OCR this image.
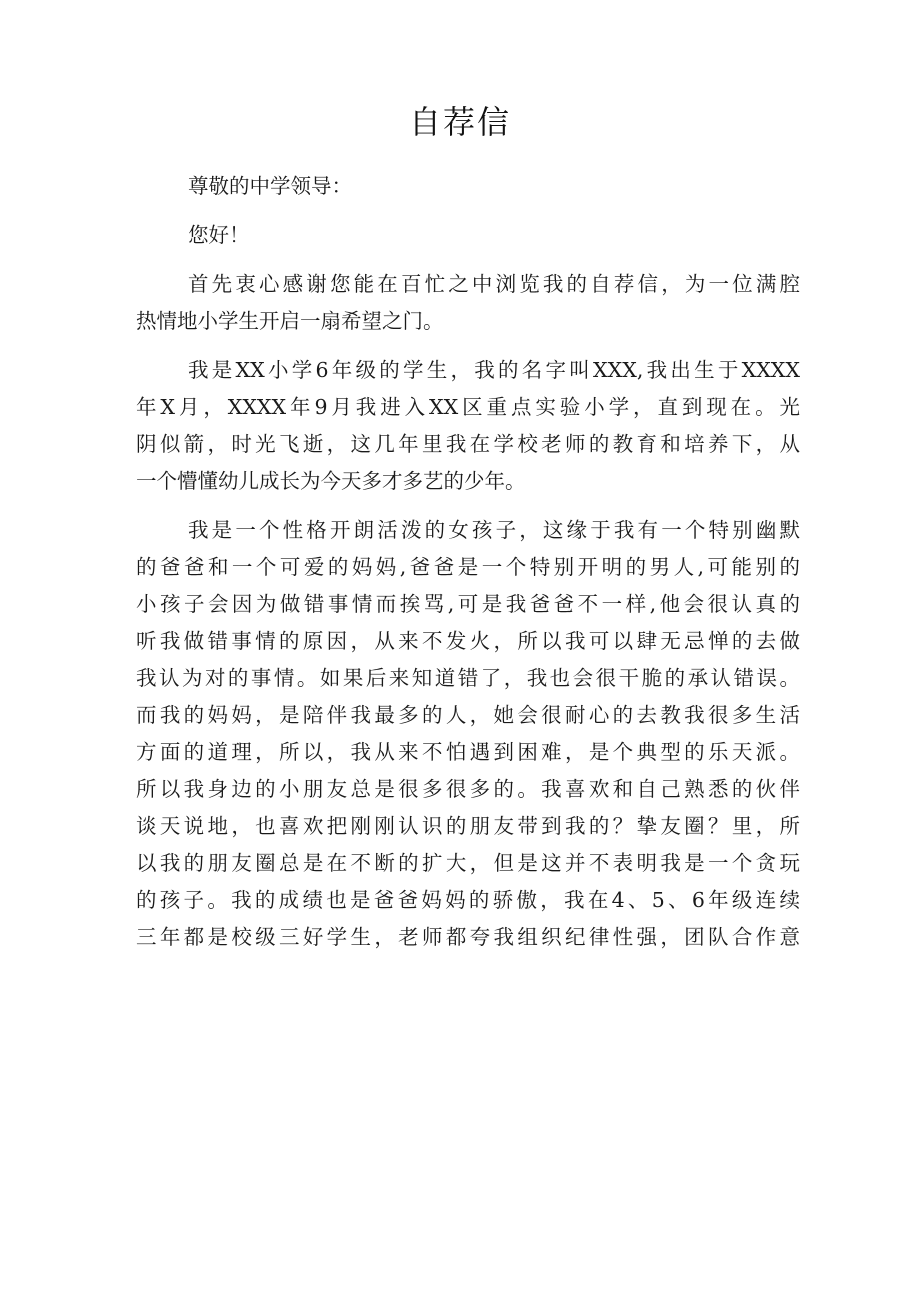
自荐信
尊敬的中学领导：
您好！
首先衷心感谢您能在百忙之中浏览我的自荐信，为一位满腔
热情地小学生开启一扇希望之门。
我是XX小学6年级的学生，我的名字叫XXX,我出生于XXXX
年X月，XXXX年9月我进入XX区重点实验小学，直到现在。光
阴似箭，时光飞逝，这几年里我在学校老师的教育和培养下，从
一个懵懂幼儿成长为今天多才多艺的少年。
我是一个性格开朗活泼的女孩子，这缘于我有一个特别幽默
的爸爸和一个可爱的妈妈,爸爸是一个特别开明的男人,可能别的
小孩子会因为做错事情而挨骂,可是我爸爸不一样,他会很认真的
听我做错事情的原因，从来不发火，所以我可以肆无忌惮的去做
我认为对的事情。如果后来知道错了，我也会很干脆的承认错误。
而我的妈妈，是陪伴我最多的人，她会很耐心的去教我很多生活
方面的道理，所以，我从来不怕遇到困难，是个典型的乐天派。
所以我身边的小朋友总是很多很多的。我喜欢和自己熟悉的伙伴
谈天说地，也喜欢把刚刚认识的朋友带到我的？挚友圈？里，所
以我的朋友圈总是在不断的扩大，但是这并不表明我是一个贪玩
的孩子。我的成绩也是爸爸妈妈的骄傲，我在4、5、6年级连续
三年都是校级三好学生，老师都夸我组织纪律性强，团队合作意
